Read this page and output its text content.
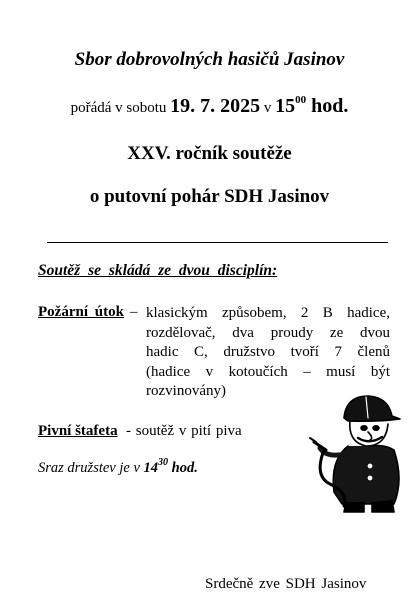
Sbor dobrovolných hasičů Jasinov
pořádá v sobotu 19. 7. 2025 v $15^{00}$ hod.
XXV. ročník soutěže
o putovní pohár SDH Jasinov
Soutěž se skládá ze dvou disciplín:
Požární útok – klasickým způsobem, 2 B hadice,
rozdělovač, dva proudy ze dvou
hadic C, družstvo tvoří 7 členů
(hadice v kotoučích – musí být
rozvinovány)
Pivní štafeta - soutěž v pití piva
Sraz družstev je v $14^{30}$ hod.
Srdečně zve SDH Jasinov
